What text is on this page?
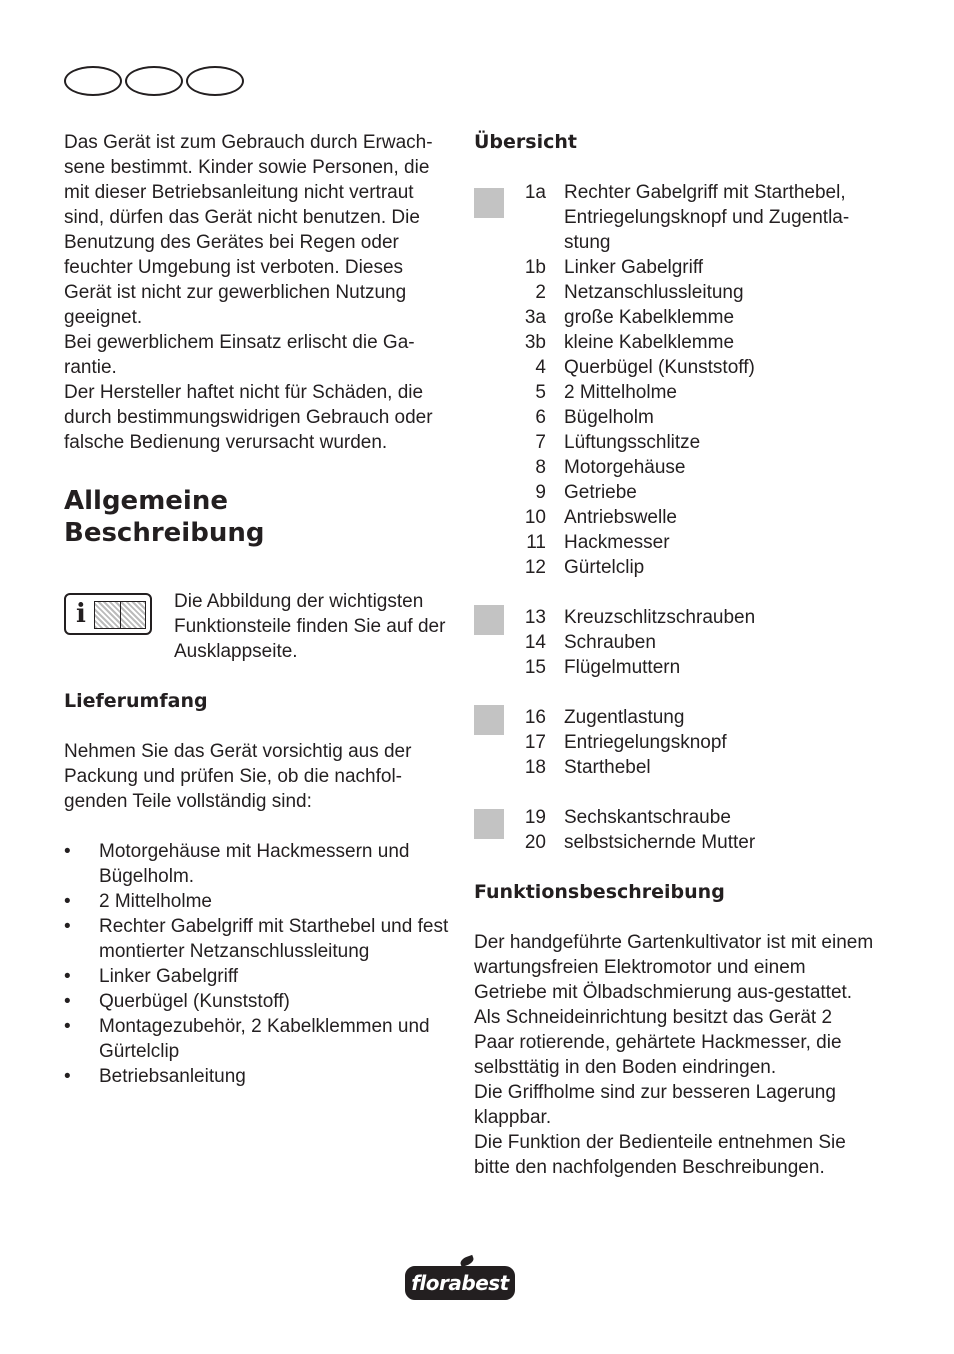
Das Gerät ist zum Gebrauch durch Erwach-sene bestimmt. Kinder sowie Personen, die mit dieser Betriebsanleitung nicht vertraut sind, dürfen das Gerät nicht benutzen. Die Benutzung des Gerätes bei Regen oder feuchter Umgebung ist verboten. Dieses Gerät ist nicht zur gewerblichen Nutzung geeignet.

Bei gewerblichem Einsatz erlischt die Ga-rantie.

Der Hersteller haftet nicht für Schäden, die durch bestimmungswidrigen Gebrauch oder falsche Bedienung verursacht wurden.

Allgemeine
Beschreibung
i	Die Abbildung der wichtigsten Funktionsteile finden Sie auf der Ausklappseite.

Lieferumfang

Nehmen Sie das Gerät vorsichtig aus der Packung und prüfen Sie, ob die nachfol-genden Teile vollständig sind:

• Motorgehäuse mit Hackmessern und Bügelholm.
• 2 Mittelholme
• Rechter Gabelgriff mit Starthebel und fest montierter Netzanschlussleitung
• Linker Gabelgriff
• Querbügel (Kunststoff)
• Montagezubehör, 2 Kabelklemmen und Gürtelclip
• Betriebsanleitung
Übersicht
1a Rechter Gabelgriff mit Starthebel, Entriegelungsknopf und Zugentla-stung
1b Linker Gabelgriff
2 Netzanschlussleitung
3a große Kabelklemme
3b kleine Kabelklemme
4 Querbügel (Kunststoff)
5 2 Mittelholme
6 Bügelholm
7 Lüftungsschlitze
8 Motorgehäuse
9 Getriebe
10 Antriebswelle
11 Hackmesser
12 Gürtelclip
13 Kreuzschlitzschrauben
14 Schrauben
15 Flügelmuttern
16 Zugentlastung
17 Entriegelungsknopf
18 Starthebel
19 Sechskantschraube
20 selbstsichernde Mutter
Funktionsbeschreibung

Der handgeführte Gartenkultivator ist mit einem wartungsfreien Elektromotor und einem Getriebe mit Ölbadschmierung aus-gestattet.

Als Schneideinrichtung besitzt das Gerät 2 Paar rotierende, gehärtete Hackmesser, die selbsttätig in den Boden eindringen.

Die Griffholme sind zur besseren Lagerung klappbar.

Die Funktion der Bedienteile entnehmen Sie bitte den nachfolgenden Beschreibungen.

florabest
